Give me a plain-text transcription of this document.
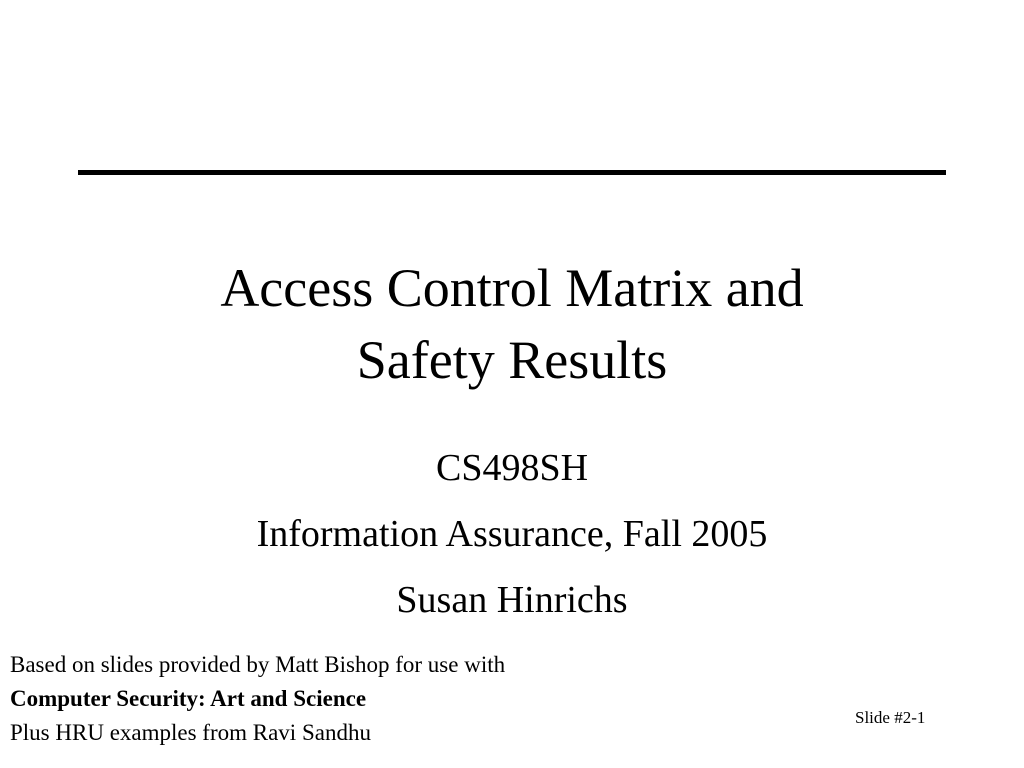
Access Control Matrix and
Safety Results
CS498SH
Information Assurance, Fall 2005
Susan Hinrichs
Based on slides provided by Matt Bishop for use with
Computer Security: Art and Science
Plus HRU examples from Ravi Sandhu
Slide #2-1
